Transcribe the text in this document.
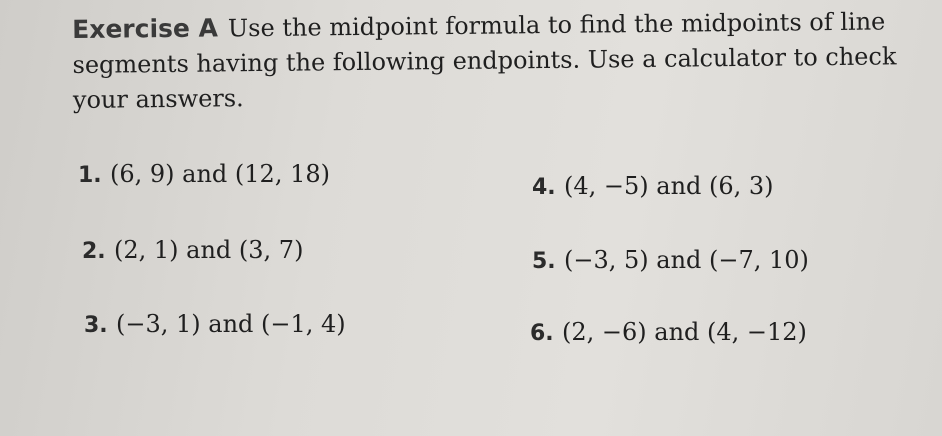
Exercise A Use the midpoint formula to find the midpoints of line segments having the following endpoints. Use a calculator to check your answers.
1. (6, 9) and (12, 18)
2. (2, 1) and (3, 7)
3. (−3, 1) and (−1, 4)
4. (4, −5) and (6, 3)
5. (−3, 5) and (−7, 10)
6. (2, −6) and (4, −12)
